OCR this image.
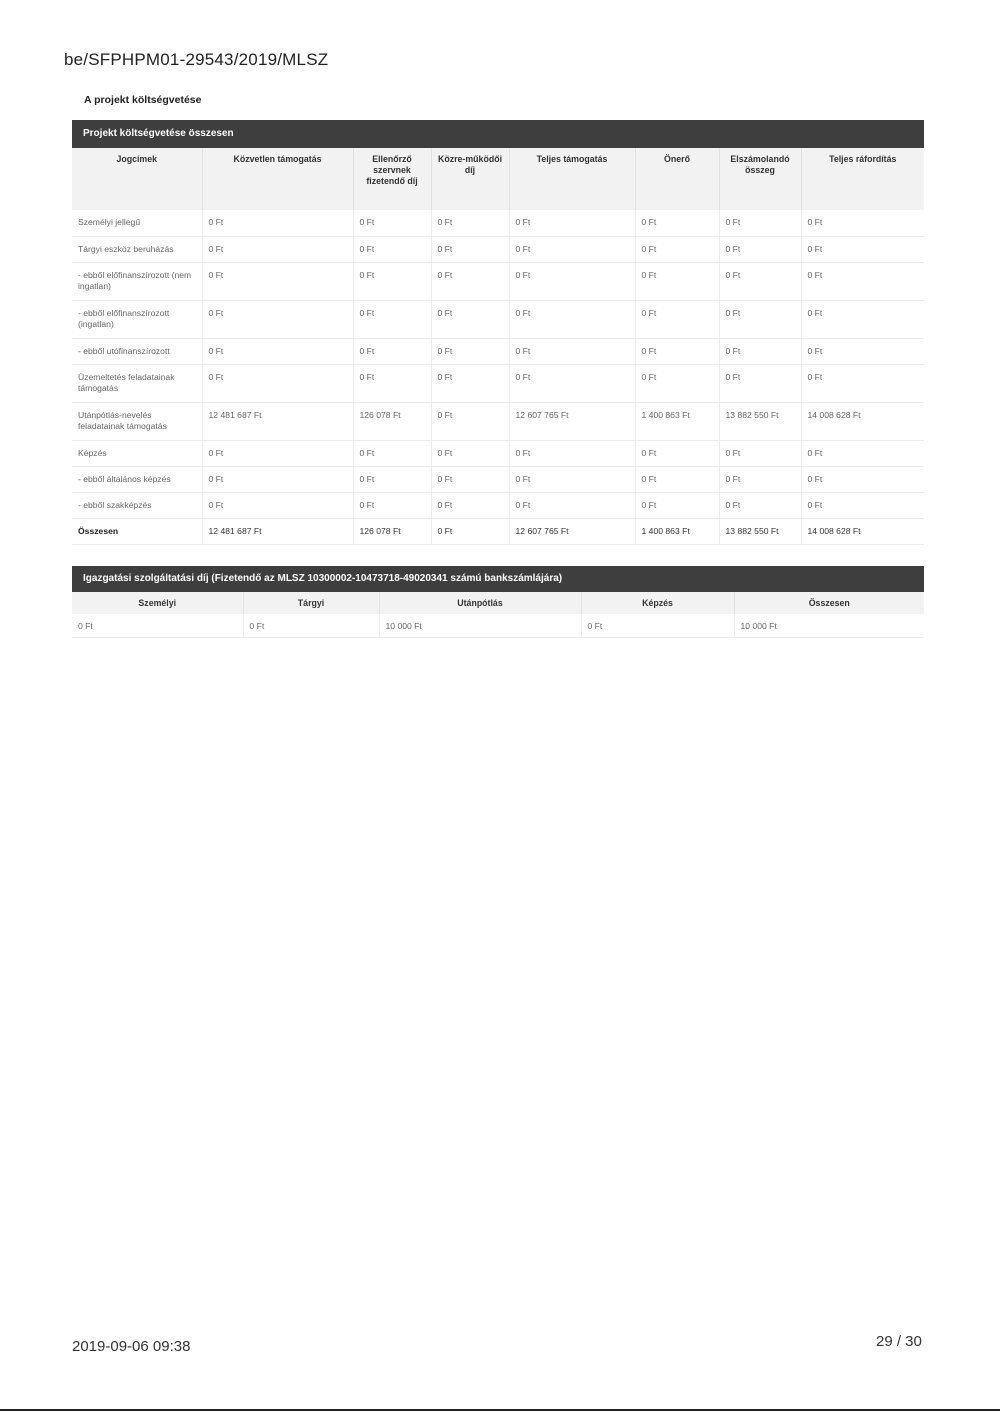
be/SFPHPM01-29543/2019/MLSZ
A projekt költségvetése
Projekt költségvetése összesen
Jogcímek	Közvetlen támogatás	Ellenőrző szervnek fizetendő díj	Közre-működői díj	Teljes támogatás	Önerő	Elszámolandó összeg	Teljes ráfordítás
Személyi jellegű	0 Ft	0 Ft	0 Ft	0 Ft	0 Ft	0 Ft	0 Ft
Tárgyi eszköz beruházás	0 Ft	0 Ft	0 Ft	0 Ft	0 Ft	0 Ft	0 Ft
- ebből előfinanszírozott (nem ingatlan)	0 Ft	0 Ft	0 Ft	0 Ft	0 Ft	0 Ft	0 Ft
- ebből előfinanszírozott (ingatlan)	0 Ft	0 Ft	0 Ft	0 Ft	0 Ft	0 Ft	0 Ft
- ebből utófinanszírozott	0 Ft	0 Ft	0 Ft	0 Ft	0 Ft	0 Ft	0 Ft
Üzemeltetés feladatainak támogatás	0 Ft	0 Ft	0 Ft	0 Ft	0 Ft	0 Ft	0 Ft
Utánpótlás-nevelés feladatainak támogatás	12 481 687 Ft	126 078 Ft	0 Ft	12 607 765 Ft	1 400 863 Ft	13 882 550 Ft	14 008 628 Ft
Képzés	0 Ft	0 Ft	0 Ft	0 Ft	0 Ft	0 Ft	0 Ft
- ebből általános képzés	0 Ft	0 Ft	0 Ft	0 Ft	0 Ft	0 Ft	0 Ft
- ebből szakképzés	0 Ft	0 Ft	0 Ft	0 Ft	0 Ft	0 Ft	0 Ft
Összesen	12 481 687 Ft	126 078 Ft	0 Ft	12 607 765 Ft	1 400 863 Ft	13 882 550 Ft	14 008 628 Ft
Igazgatási szolgáltatási díj (Fizetendő az MLSZ 10300002-10473718-49020341 számú bankszámlájára)
Személyi	Tárgyi	Utánpótlás	Képzés	Összesen
0 Ft	0 Ft	10 000 Ft	0 Ft	10 000 Ft
2019-09-06 09:38	29 / 30
